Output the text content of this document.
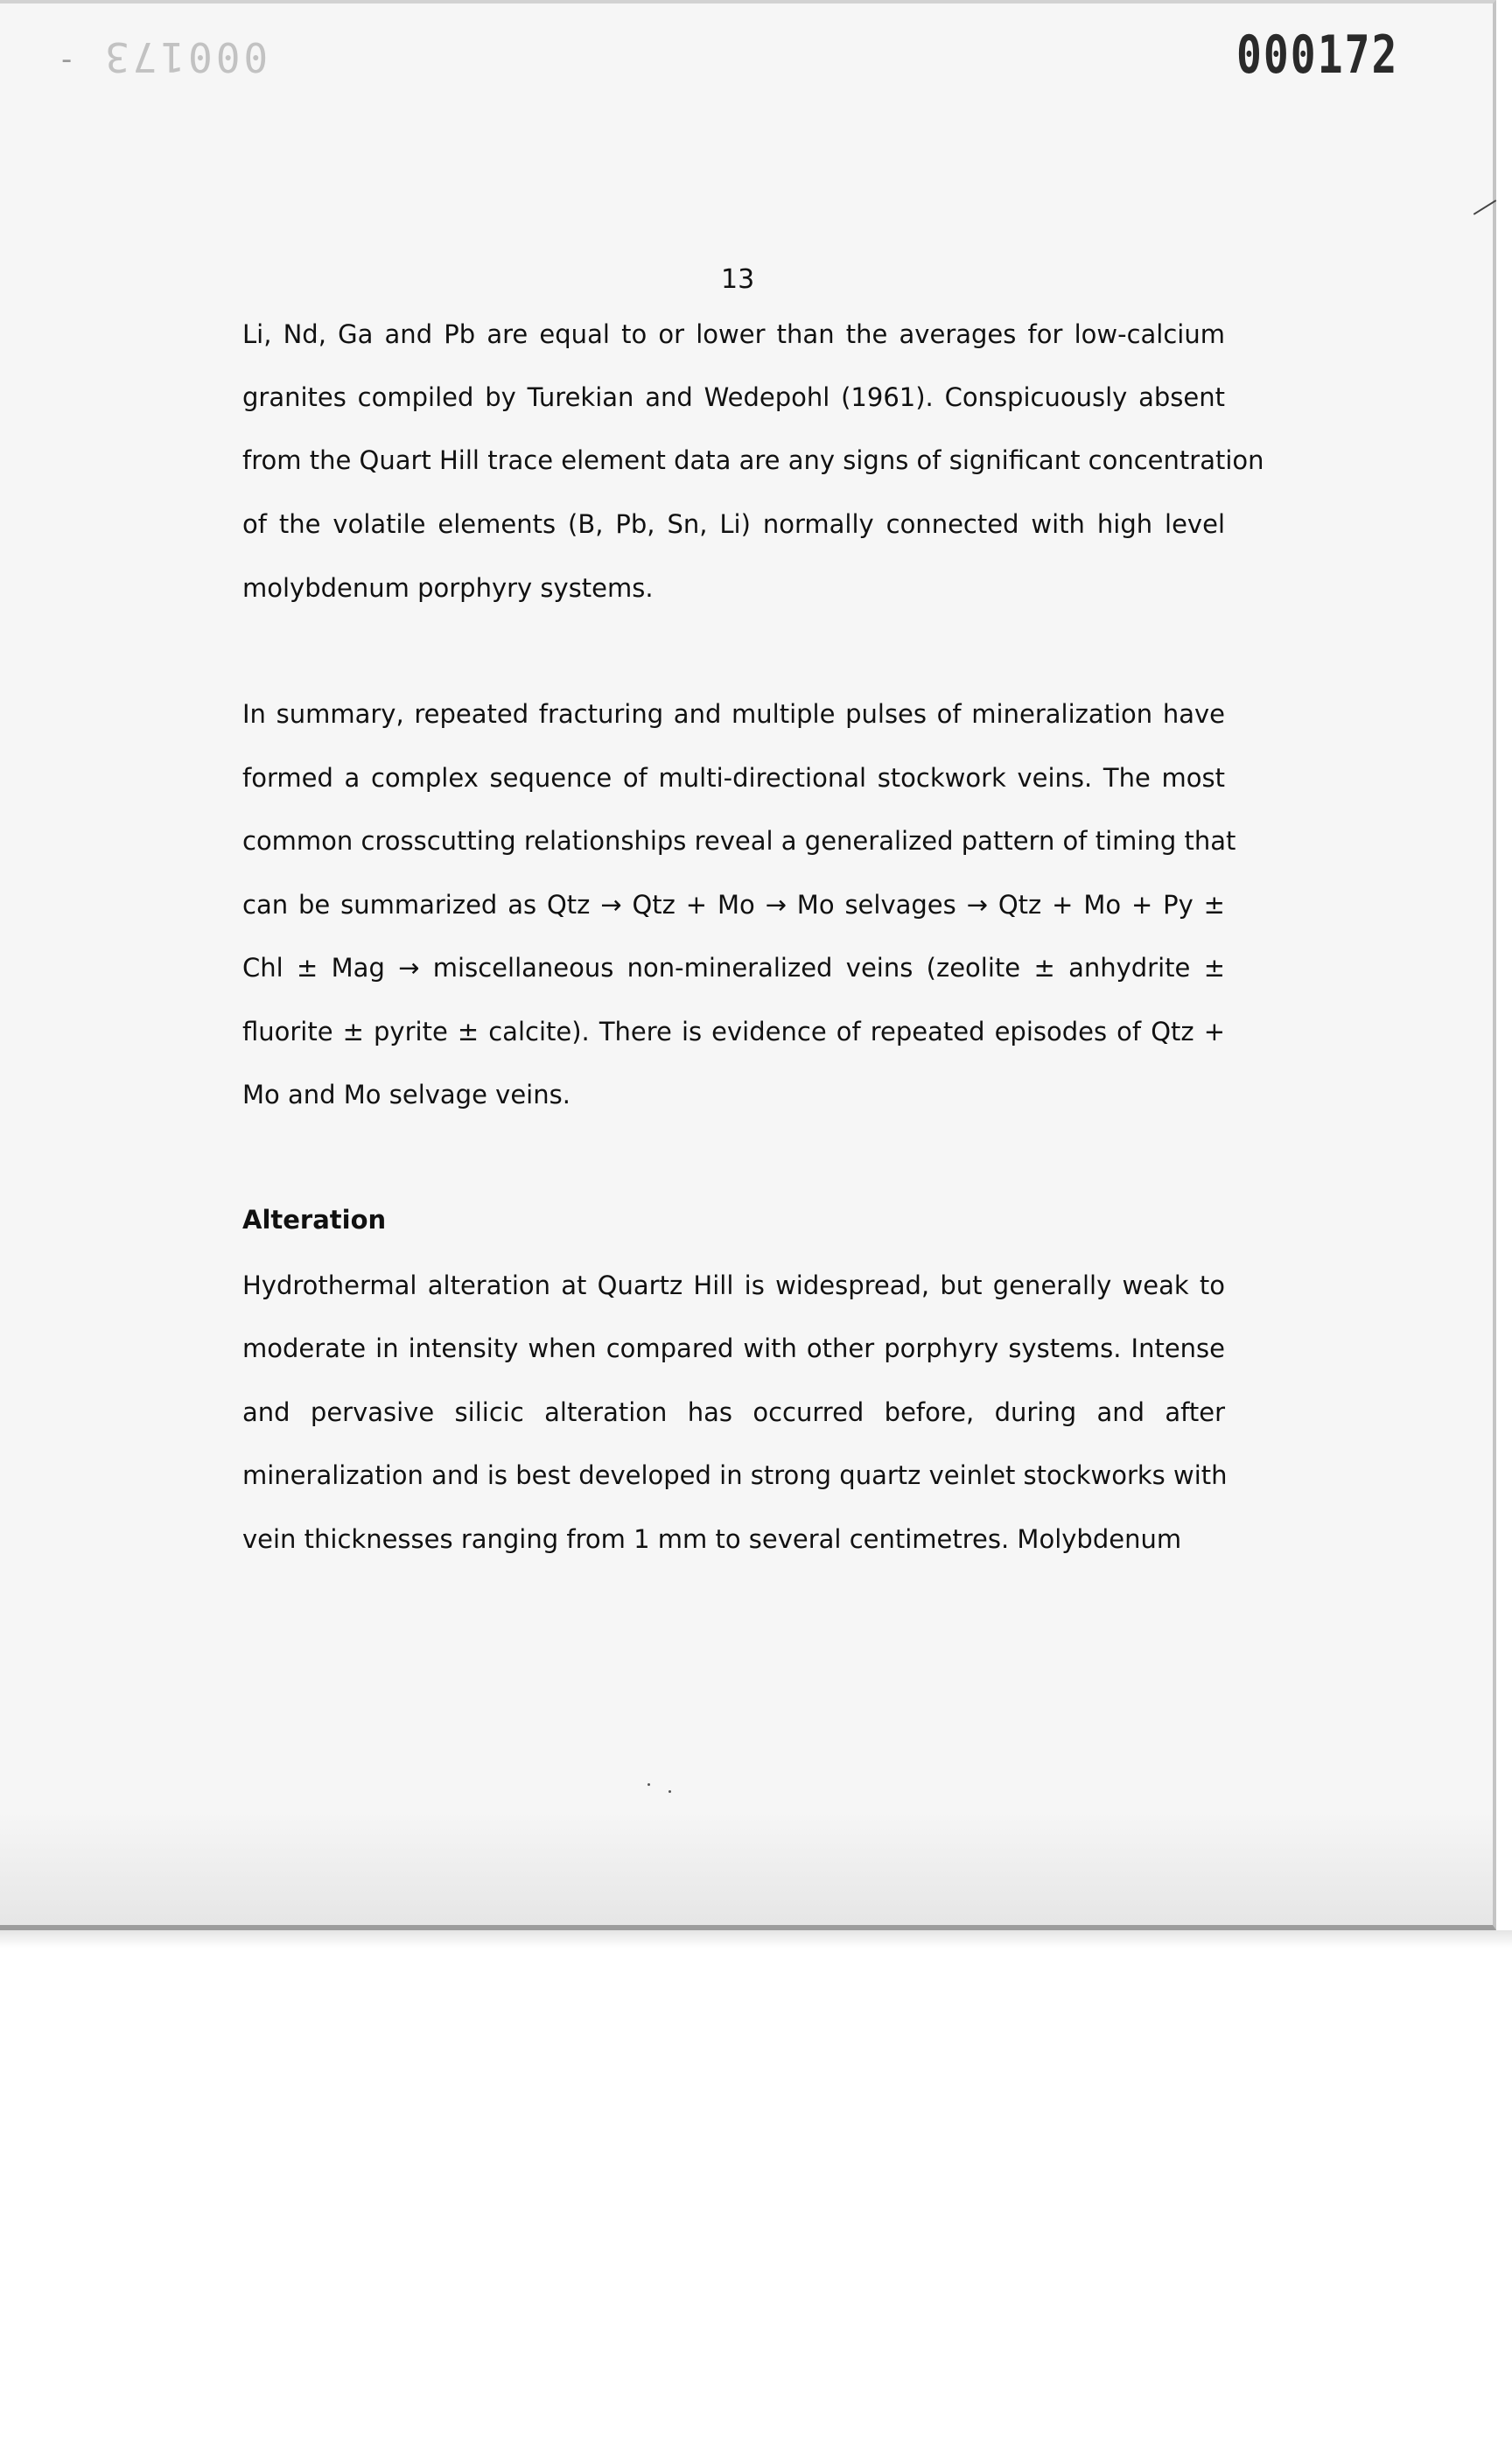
- 000173	000172
13
Li, Nd, Ga and Pb are equal to or lower than the averages for low-calcium
granites compiled by Turekian and Wedepohl (1961). Conspicuously absent
from the Quart Hill trace element data are any signs of significant concentration
of the volatile elements (B, Pb, Sn, Li) normally connected with high level
molybdenum porphyry systems.
In summary, repeated fracturing and multiple pulses of mineralization have
formed a complex sequence of multi-directional stockwork veins. The most
common crosscutting relationships reveal a generalized pattern of timing that
can be summarized as Qtz → Qtz + Mo → Mo selvages → Qtz + Mo + Py ±
Chl ± Mag → miscellaneous non-mineralized veins (zeolite ± anhydrite ±
fluorite ± pyrite ± calcite). There is evidence of repeated episodes of Qtz +
Mo and Mo selvage veins.
Alteration
Hydrothermal alteration at Quartz Hill is widespread, but generally weak to
moderate in intensity when compared with other porphyry systems. Intense
and pervasive silicic alteration has occurred before, during and after
mineralization and is best developed in strong quartz veinlet stockworks with
vein thicknesses ranging from 1 mm to several centimetres. Molybdenum
